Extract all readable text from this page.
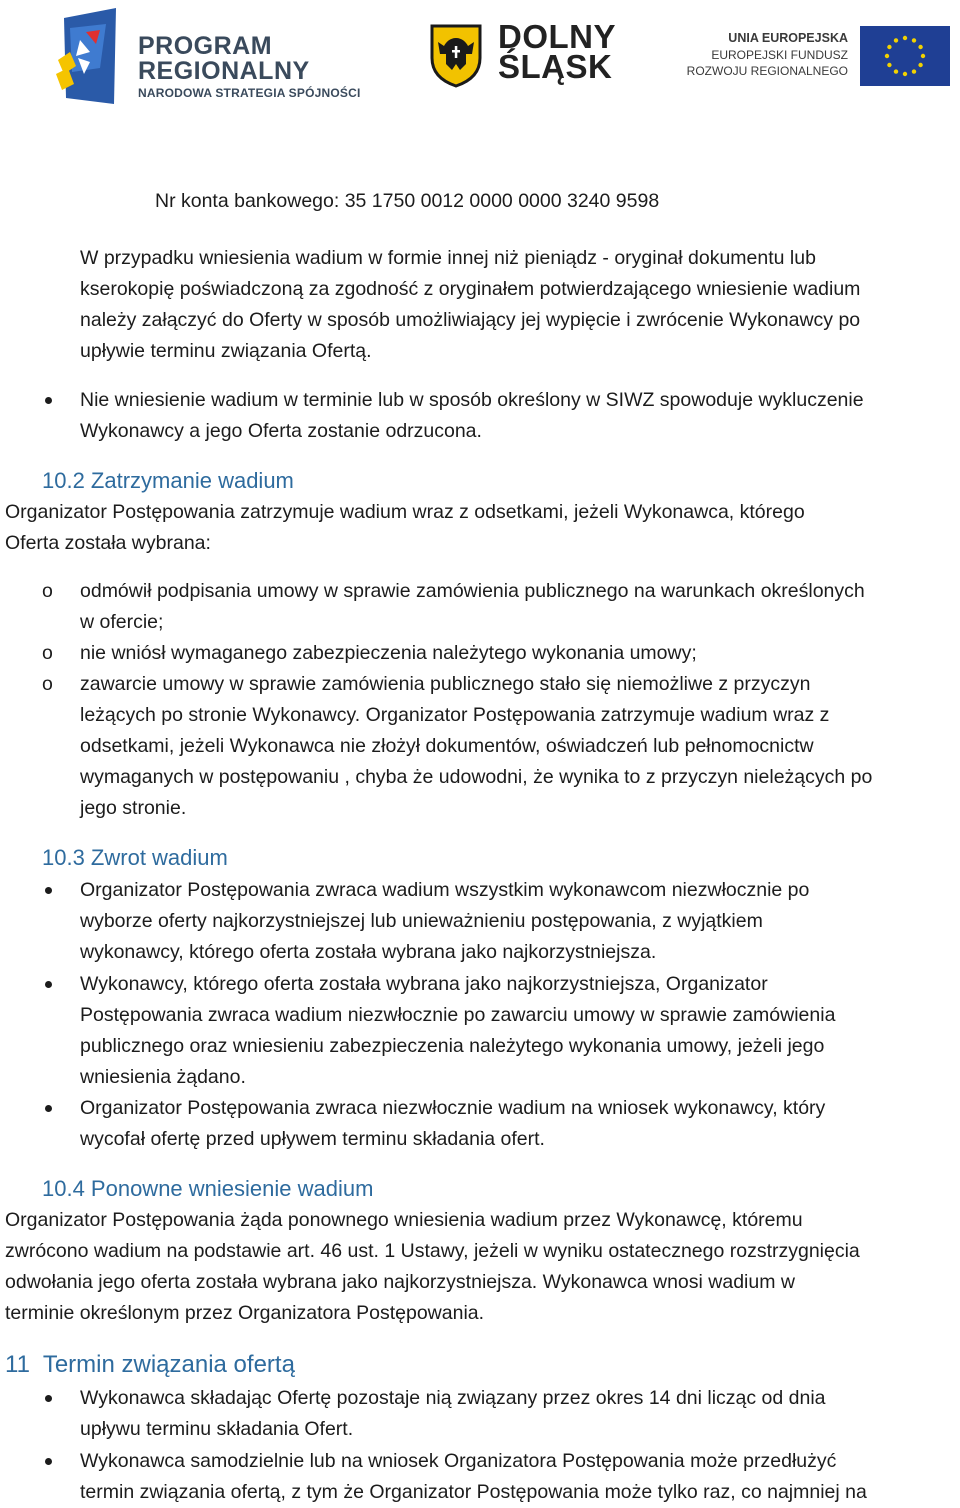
PROGRAM
REGIONALNY
NARODOWA STRATEGIA SPÓJNOŚCI
DOLNY
ŚLĄSK
UNIA EUROPEJSKA
EUROPEJSKI FUNDUSZ
ROZWOJU REGIONALNEGO
Nr konta bankowego: 35 1750 0012 0000 0000 3240 9598
W przypadku wniesienia wadium w formie innej niż pieniądz - oryginał dokumentu lub
kserokopię poświadczoną za zgodność z oryginałem potwierdzającego wniesienie wadium
należy załączyć do Oferty w sposób umożliwiający jej wypięcie i zwrócenie Wykonawcy po
upływie terminu związania Ofertą.
Nie wniesienie wadium w terminie lub w sposób określony w SIWZ spowoduje wykluczenie
Wykonawcy a jego Oferta zostanie odrzucona.
10.2 Zatrzymanie wadium
Organizator Postępowania zatrzymuje wadium wraz z odsetkami, jeżeli Wykonawca, którego
Oferta została wybrana:
o odmówił podpisania umowy w sprawie zamówienia publicznego na warunkach określonych
w ofercie;
o nie wniósł wymaganego zabezpieczenia należytego wykonania umowy;
o zawarcie umowy w sprawie zamówienia publicznego stało się niemożliwe z przyczyn
leżących po stronie Wykonawcy. Organizator Postępowania zatrzymuje wadium wraz z
odsetkami, jeżeli Wykonawca nie złożył dokumentów, oświadczeń lub pełnomocnictw
wymaganych w postępowaniu , chyba że udowodni, że wynika to z przyczyn nieleżących po
jego stronie.
10.3 Zwrot wadium
Organizator Postępowania zwraca wadium wszystkim wykonawcom niezwłocznie po
wyborze oferty najkorzystniejszej lub unieważnieniu postępowania, z wyjątkiem
wykonawcy, którego oferta została wybrana jako najkorzystniejsza.
Wykonawcy, którego oferta została wybrana jako najkorzystniejsza, Organizator
Postępowania zwraca wadium niezwłocznie po zawarciu umowy w sprawie zamówienia
publicznego oraz wniesieniu zabezpieczenia należytego wykonania umowy, jeżeli jego
wniesienia żądano.
Organizator Postępowania zwraca niezwłocznie wadium na wniosek wykonawcy, który
wycofał ofertę przed upływem terminu składania ofert.
10.4 Ponowne wniesienie wadium
Organizator Postępowania żąda ponownego wniesienia wadium przez Wykonawcę, któremu
zwrócono wadium na podstawie art. 46 ust. 1 Ustawy, jeżeli w wyniku ostatecznego rozstrzygnięcia
odwołania jego oferta została wybrana jako najkorzystniejsza. Wykonawca wnosi wadium w
terminie określonym przez Organizatora Postępowania.
11  Termin związania ofertą
Wykonawca składając Ofertę pozostaje nią związany przez okres 14 dni licząc od dnia
upływu terminu składania Ofert.
Wykonawca samodzielnie lub na wniosek Organizatora Postępowania może przedłużyć
termin związania ofertą, z tym że Organizator Postępowania może tylko raz, co najmniej na
